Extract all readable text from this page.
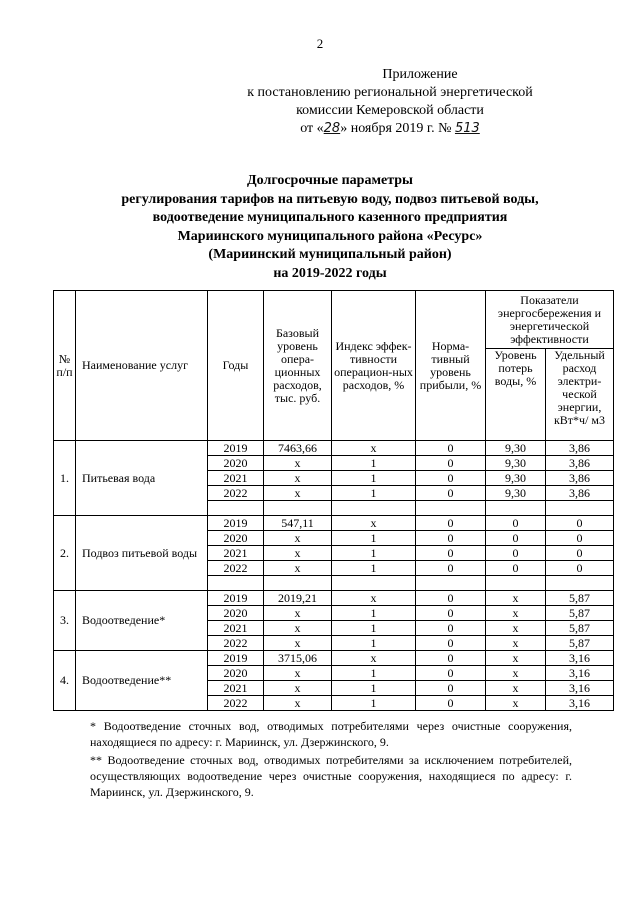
2
Приложение
к постановлению региональной энергетической
комиссии Кемеровской области
от «28» ноября 2019 г. № 513
Долгосрочные параметры
регулирования тарифов на питьевую воду, подвоз питьевой воды,
водоотведение муниципального казенного предприятия
Мариинского муниципального района «Ресурс»
(Мариинский муниципальный район)
на 2019-2022 годы
№ п/п	Наименование услуг	Годы	Базовый уровень опера-ционных расходов, тыс. руб.	Индекс эффек-тивности операцион-ных расходов, %	Норма-тивный уровень прибыли, %	Показатели энергосбережения и энергетической эффективности	
						Уровень потерь воды, %	Удельный расход электри-ческой энергии, кВт*ч/ м3
1.	Питьевая вода	2019	7463,66	x	0	9,30	3,86
		2020	x	1	0	9,30	3,86
		2021	x	1	0	9,30	3,86
		2022	x	1	0	9,30	3,86

2.	Подвоз питьевой воды	2019	547,11	x	0	0	0
		2020	x	1	0	0	0
		2021	x	1	0	0	0
		2022	x	1	0	0	0

3.	Водоотведение*	2019	2019,21	x	0	x	5,87
		2020	x	1	0	x	5,87
		2021	x	1	0	x	5,87
		2022	x	1	0	x	5,87
4.	Водоотведение**	2019	3715,06	x	0	x	3,16
		2020	x	1	0	x	3,16
		2021	x	1	0	x	3,16
		2022	x	1	0	x	3,16
* Водоотведение сточных вод, отводимых потребителями через очистные сооружения, находящиеся по адресу: г. Мариинск, ул. Дзержинского, 9.
** Водоотведение сточных вод, отводимых потребителями за исключением потребителей, осуществляющих водоотведение через очистные сооружения, находящиеся по адресу: г. Мариинск, ул. Дзержинского, 9.
